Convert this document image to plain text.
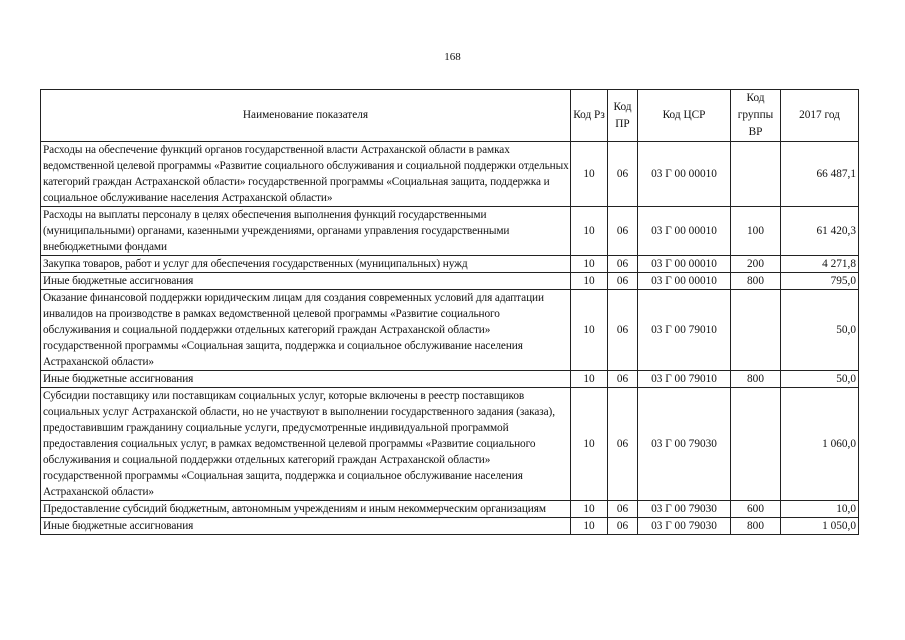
168
Наименование показателя	Код Рз	Код ПР	Код ЦСР	Код группы ВР	2017 год
Расходы на обеспечение функций органов государственной власти Астраханской области в рамках ведомственной целевой программы «Развитие социального обслуживания и социальной поддержки отдельных категорий граждан Астраханской области» государственной программы «Социальная защита, поддержка и социальное обслуживание населения Астраханской области»	10	06	03 Г 00 00010		66 487,1
Расходы на выплаты персоналу в целях обеспечения выполнения функций государственными (муниципальными) органами, казенными учреждениями, органами управления государственными внебюджетными фондами	10	06	03 Г 00 00010	100	61 420,3
Закупка товаров, работ и услуг для обеспечения государственных (муниципальных) нужд	10	06	03 Г 00 00010	200	4 271,8
Иные бюджетные ассигнования	10	06	03 Г 00 00010	800	795,0
Оказание финансовой поддержки юридическим лицам для создания современных условий для адаптации инвалидов на производстве в рамках ведомственной целевой программы «Развитие социального обслуживания и социальной поддержки отдельных категорий граждан Астраханской области» государственной программы «Социальная защита, поддержка и социальное обслуживание населения Астраханской области»	10	06	03 Г 00 79010		50,0
Иные бюджетные ассигнования	10	06	03 Г 00 79010	800	50,0
Субсидии поставщику или поставщикам социальных услуг, которые включены в реестр поставщиков социальных услуг Астраханской области, но не участвуют в выполнении государственного задания (заказа), предоставившим гражданину социальные услуги, предусмотренные индивидуальной программой предоставления социальных услуг, в рамках ведомственной целевой программы «Развитие социального обслуживания и социальной поддержки отдельных категорий граждан Астраханской области» государственной программы «Социальная защита, поддержка и социальное обслуживание населения Астраханской области»	10	06	03 Г 00 79030		1 060,0
Предоставление субсидий бюджетным, автономным учреждениям и иным некоммерческим организациям	10	06	03 Г 00 79030	600	10,0
Иные бюджетные ассигнования	10	06	03 Г 00 79030	800	1 050,0
